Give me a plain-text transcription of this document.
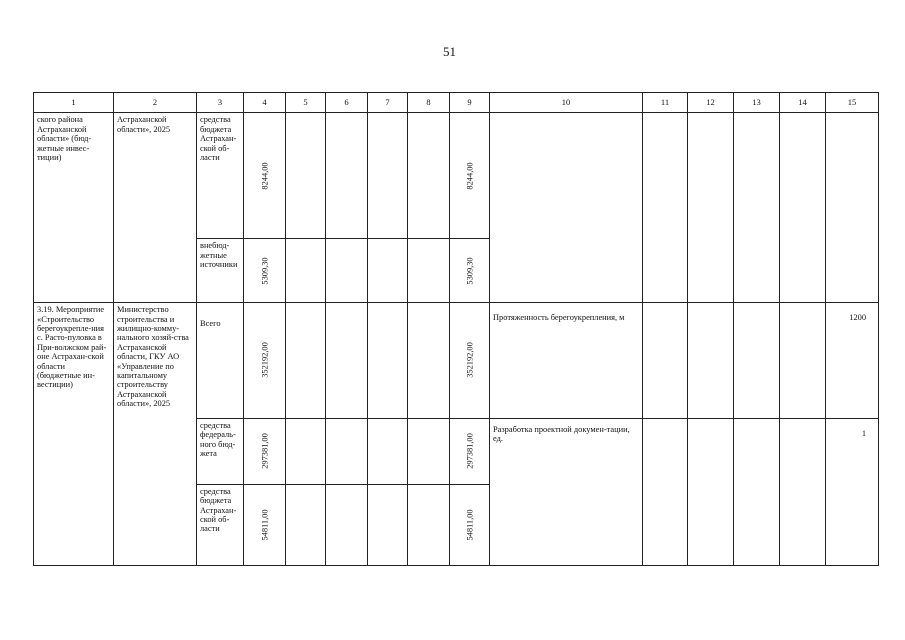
51
1	2	3	4	5	6	7	8	9	10	11	12	13	14	15
ского района Астраханской области» (бюд-жетные инвес-тиции)	Астраханской области», 2025	средства бюджета Астрахан-ской об-ласти	8244,00					8244,00						

		внебюд-жетные источники	5309,30					5309,30						

3.19. Мероприятие «Строительство берегоукрепле-ния с. Расто-пуловка в При-волжском рай-оне Астрахан-ской области (бюджетные ин-вестиции)	Министерство строительства и жилищно-комму-нального хозяй-ства Астраханской области, ГКУ АО «Управление по капитальному строительству Астраханской области», 2025	Всего	352192,00					352192,00	Протяженность берегоукрепления, м					1200
		средства федераль-ного бюд-жета	297381,00					297381,00	Разработка проектной докумен-тации, ед.					1
		средства бюджета Астрахан-ской об-ласти	54811,00					54811,00						
